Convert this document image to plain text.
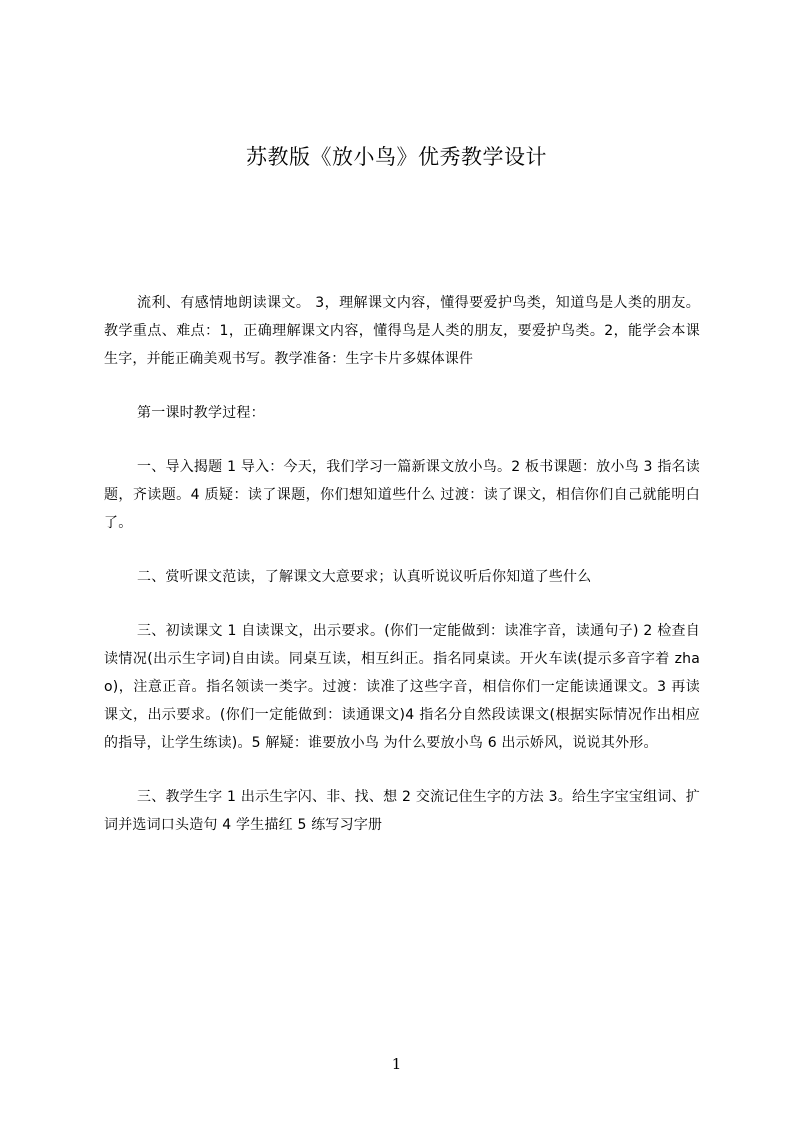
苏教版《放小鸟》优秀教学设计

流利、有感情地朗读课文。 3，理解课文内容，懂得要爱护鸟类，知道鸟是人类的朋友。教学重点、难点：1，正确理解课文内容，懂得鸟是人类的朋友，要爱护鸟类。2，能学会本课生字，并能正确美观书写。教学准备：生字卡片多媒体课件

第一课时教学过程：

一、导入揭题 1 导入：今天，我们学习一篇新课文放小鸟。2 板书课题：放小鸟 3 指名读题，齐读题。4 质疑：读了课题，你们想知道些什么 过渡：读了课文，相信你们自己就能明白了。

二、赏听课文范读，了解课文大意要求；认真听说议听后你知道了些什么

三、初读课文 1 自读课文，出示要求。(你们一定能做到：读准字音，读通句子) 2 检查自读情况(出示生字词)自由读。同桌互读，相互纠正。指名同桌读。开火车读(提示多音字着 zhao)，注意正音。指名领读一类字。过渡：读准了这些字音，相信你们一定能读通课文。3 再读课文，出示要求。(你们一定能做到：读通课文)4 指名分自然段读课文(根据实际情况作出相应的指导，让学生练读)。5 解疑：谁要放小鸟 为什么要放小鸟 6 出示娇风，说说其外形。

三、教学生字 1 出示生字闪、非、找、想 2 交流记住生字的方法 3。给生字宝宝组词、扩词并选词口头造句 4 学生描红 5 练写习字册

1
